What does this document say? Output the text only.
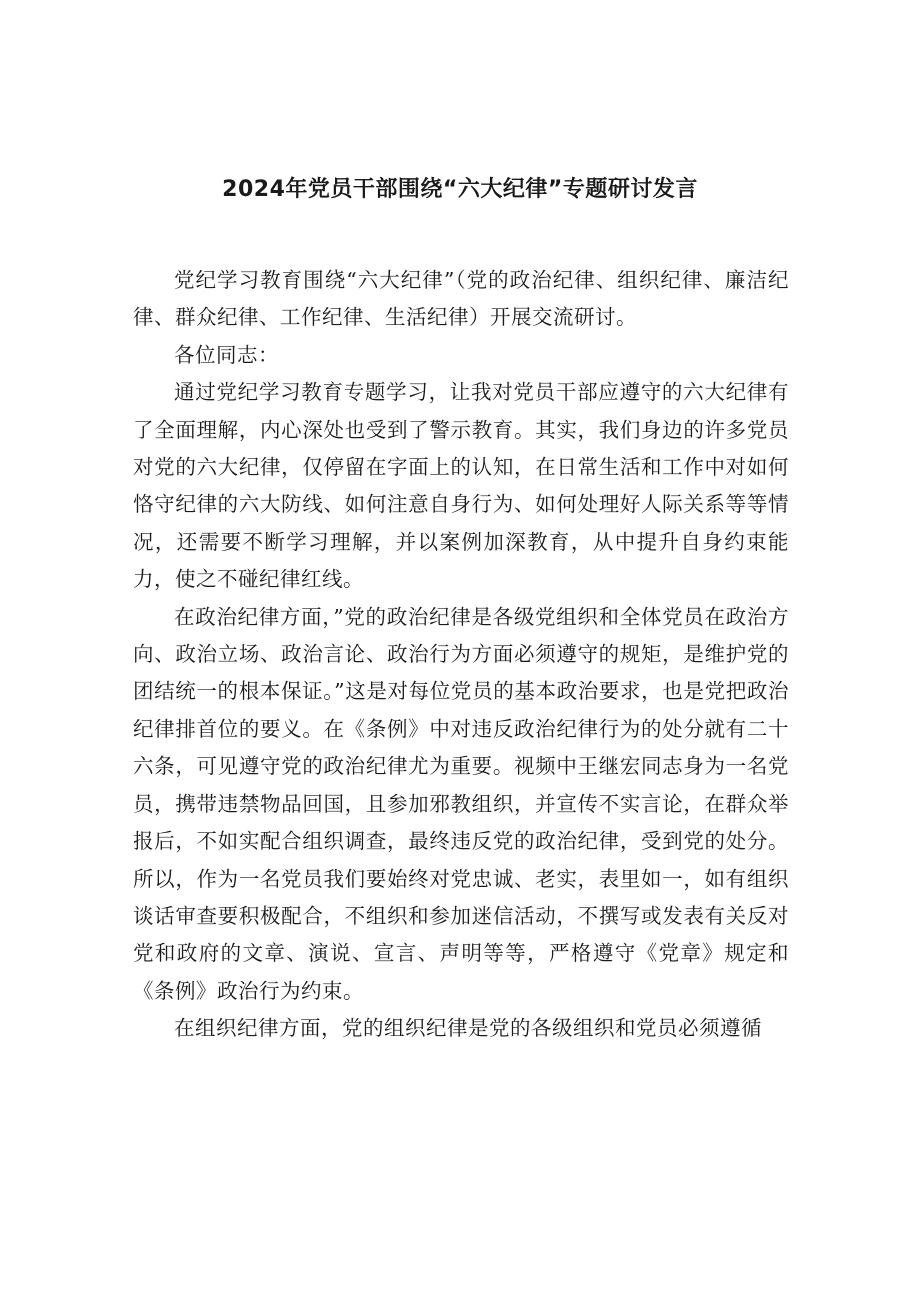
2024年党员干部围绕“六大纪律”专题研讨发言

党纪学习教育围绕“六大纪律”（党的政治纪律、组织纪律、廉洁纪律、群众纪律、工作纪律、生活纪律）开展交流研讨。

各位同志：

通过党纪学习教育专题学习，让我对党员干部应遵守的六大纪律有了全面理解，内心深处也受到了警示教育。其实，我们身边的许多党员对党的六大纪律，仅停留在字面上的认知，在日常生活和工作中对如何恪守纪律的六大防线、如何注意自身行为、如何处理好人际关系等等情况，还需要不断学习理解，并以案例加深教育，从中提升自身约束能力，使之不碰纪律红线。

在政治纪律方面，”党的政治纪律是各级党组织和全体党员在政治方向、政治立场、政治言论、政治行为方面必须遵守的规矩，是维护党的团结统一的根本保证。”这是对每位党员的基本政治要求，也是党把政治纪律排首位的要义。在《条例》中对违反政治纪律行为的处分就有二十六条，可见遵守党的政治纪律尤为重要。视频中王继宏同志身为一名党员，携带违禁物品回国，且参加邪教组织，并宣传不实言论，在群众举报后，不如实配合组织调查，最终违反党的政治纪律，受到党的处分。所以，作为一名党员我们要始终对党忠诚、老实，表里如一，如有组织谈话审查要积极配合，不组织和参加迷信活动，不撰写或发表有关反对党和政府的文章、演说、宣言、声明等等，严格遵守《党章》规定和《条例》政治行为约束。

在组织纪律方面，党的组织纪律是党的各级组织和党员必须遵循
